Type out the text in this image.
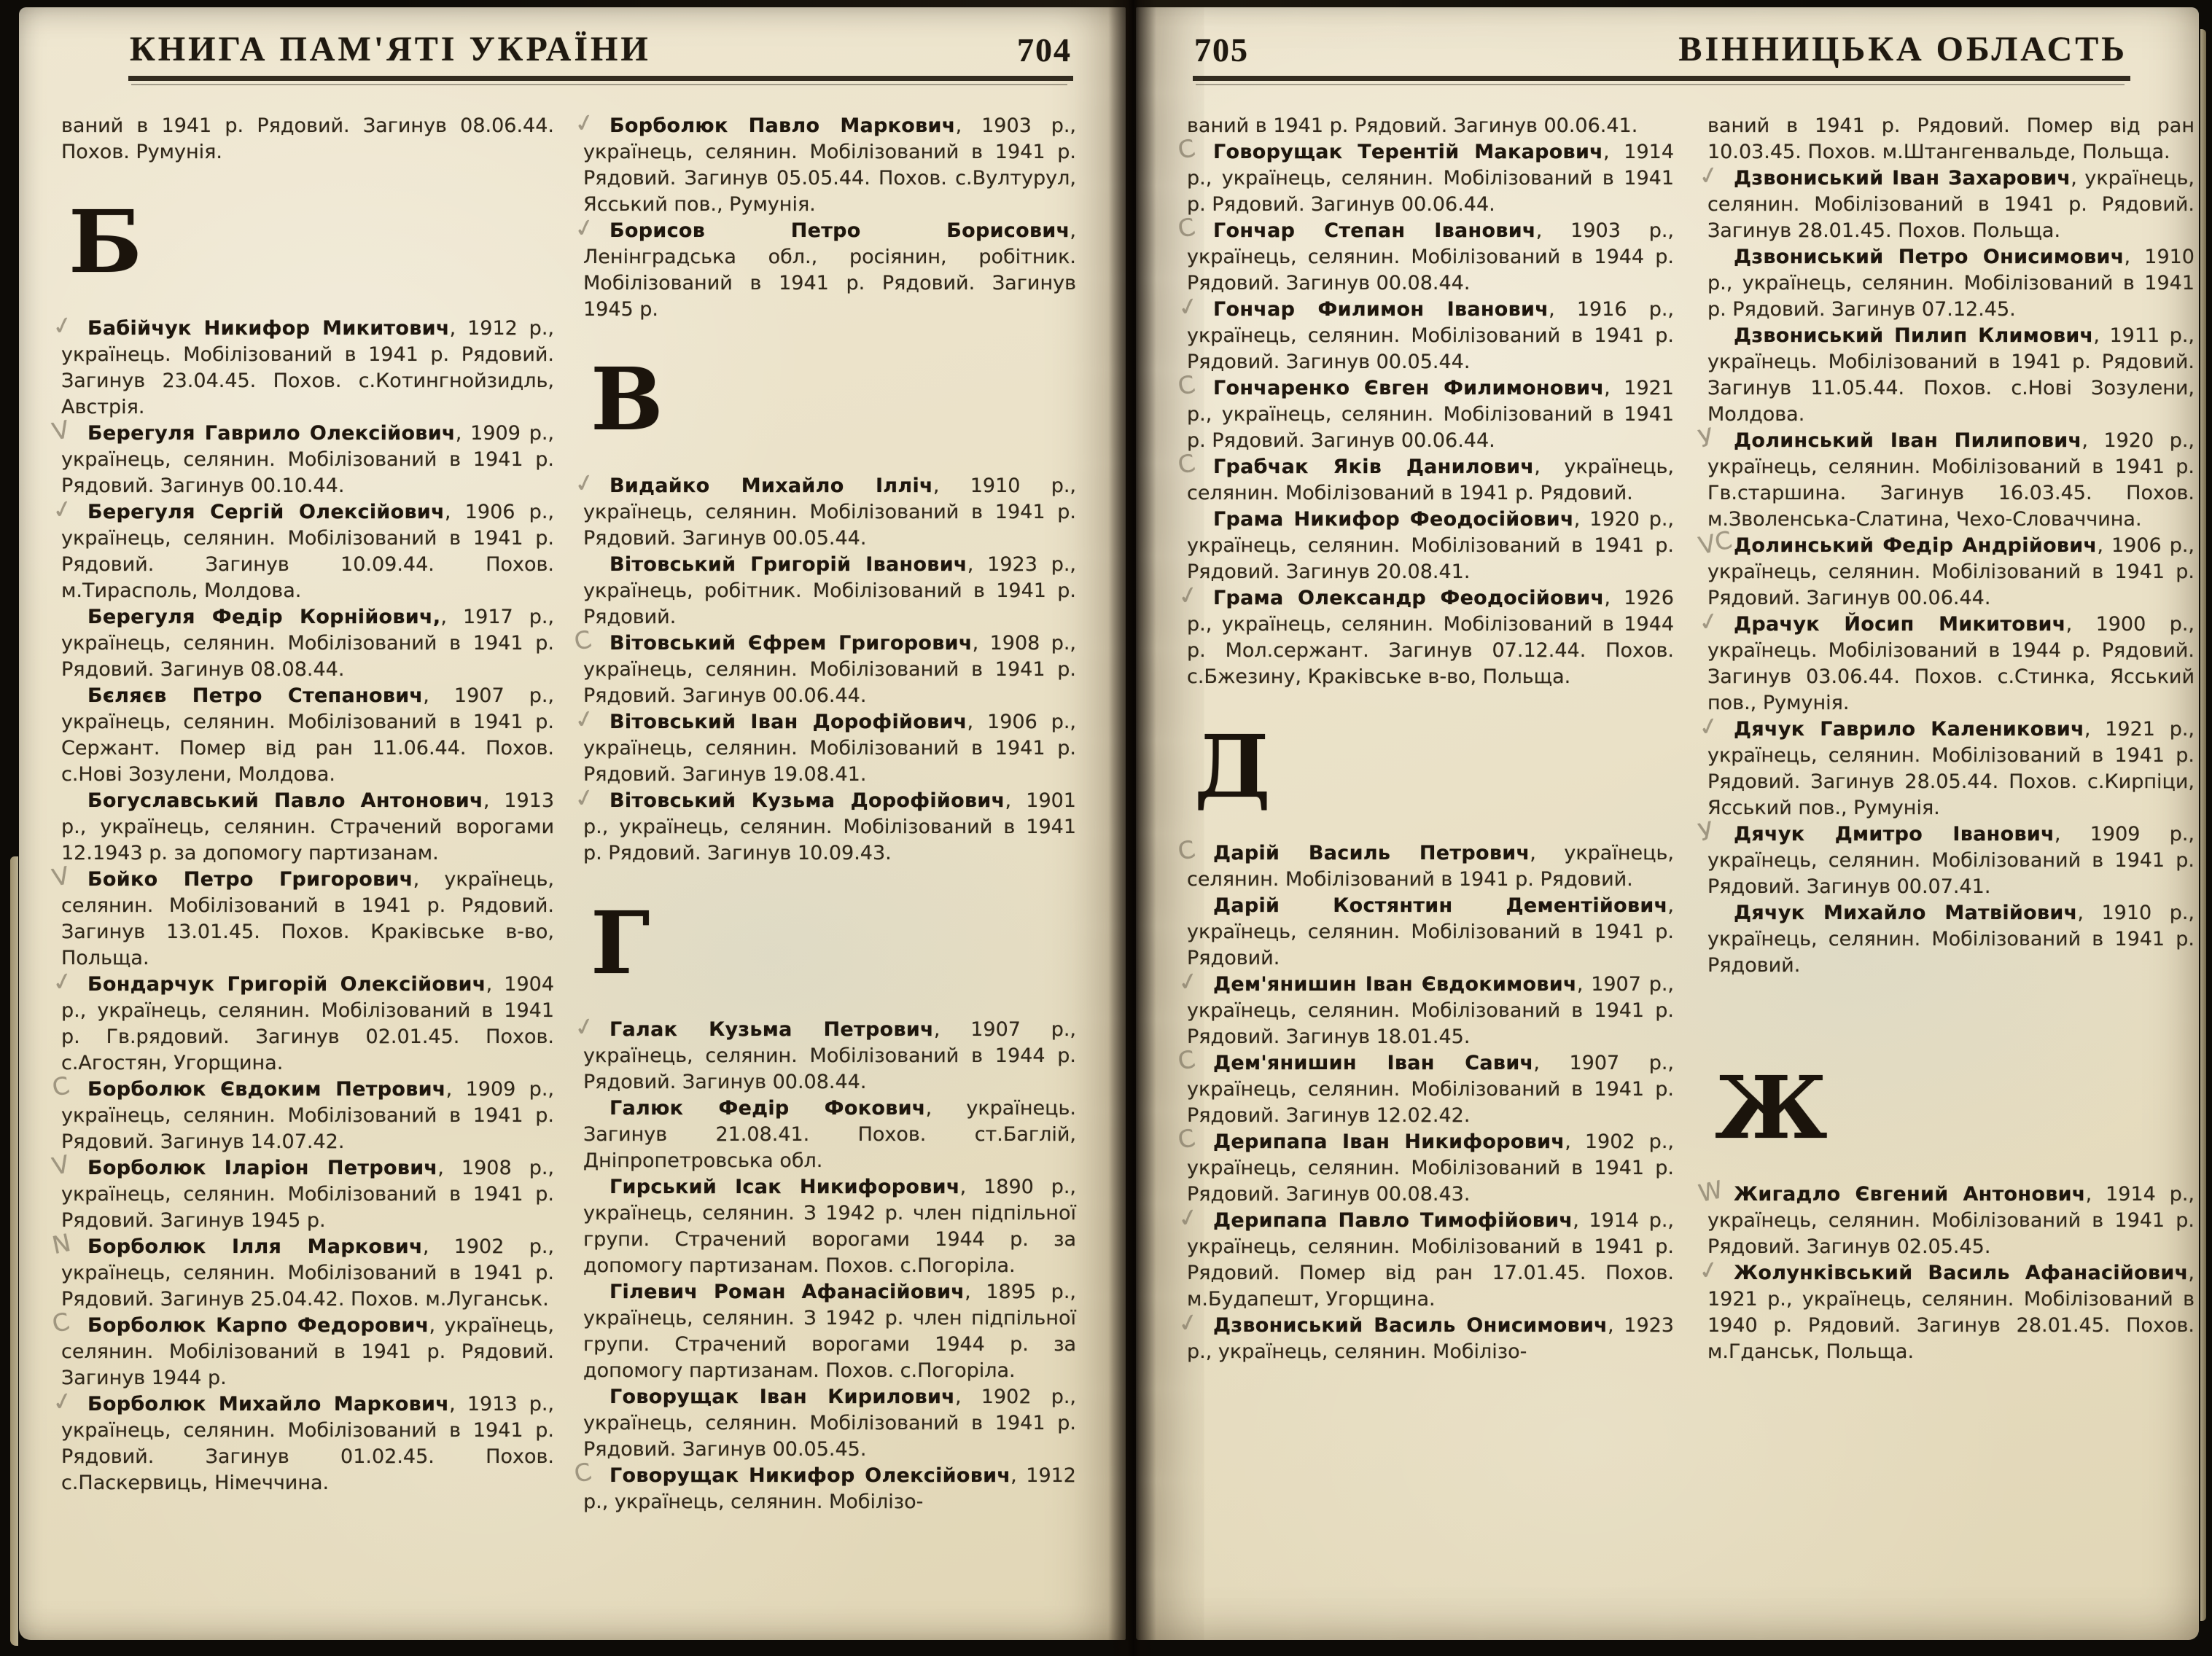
КНИГА ПАМ'ЯТІ УКРАЇНИ	704

ваний в 1941 р. Рядовий. Загинув 08.06.44. Похов. Румунія.

Б

✓ Бабійчук Никифор Микитович, 1912 р., українець. Мобілізований в 1941 р. Рядовий. Загинув 23.04.45. Похов. с.Котингнойзидль, Австрія.

V Берегуля Гаврило Олексійович, 1909 р., українець, селянин. Мобілізований в 1941 р. Рядовий. Загинув 00.10.44.

✓ Берегуля Сергій Олексійович, 1906 р., українець, селянин. Мобілізований в 1941 р. Рядовий. Загинув 10.09.44. Похов. м.Тирасполь, Молдова.

Берегуля Федір Корнійович,, 1917 р., українець, селянин. Мобілізований в 1941 р. Рядовий. Загинув 08.08.44.

Бєляєв Петро Степанович, 1907 р., українець, селянин. Мобілізований в 1941 р. Сержант. Помер від ран 11.06.44. Похов. с.Нові Зозулени, Молдова.

Богуславський Павло Антонович, 1913 р., українець, селянин. Страчений ворогами 12.1943 р. за допомогу партизанам.

V Бойко Петро Григорович, українець, селянин. Мобілізований в 1941 р. Рядовий. Загинув 13.01.45. Похов. Краківське в-во, Польща.

✓ Бондарчук Григорій Олексійович, 1904 р., українець, селянин. Мобілізований в 1941 р. Гв.рядовий. Загинув 02.01.45. Похов. с.Агостян, Угорщина.

С Борболюк Євдоким Петрович, 1909 р., українець, селянин. Мобілізований в 1941 р. Рядовий. Загинув 14.07.42.

V Борболюк Іларіон Петрович, 1908 р., українець, селянин. Мобілізований в 1941 р. Рядовий. Загинув 1945 р.

N Борболюк Ілля Маркович, 1902 р., українець, селянин. Мобілізований в 1941 р. Рядовий. Загинув 25.04.42. Похов. м.Луганськ.

С Борболюк Карпо Федорович, українець, селянин. Мобілізований в 1941 р. Рядовий. Загинув 1944 р.

✓ Борболюк Михайло Маркович, 1913 р., українець, селянин. Мобілізований в 1941 р. Рядовий. Загинув 01.02.45. Похов. с.Паскервиць, Німеччина.

✓ Борболюк Павло Маркович, 1903 р., українець, селянин. Мобілізований в 1941 р. Рядовий. Загинув 05.05.44. Похов. с.Вултурул, Ясський пов., Румунія.

✓ Борисов Петро Борисович, Ленінградська обл., росіянин, робітник. Мобілізований в 1941 р. Рядовий. Загинув 1945 р.

В

✓ Видайко Михайло Ілліч, 1910 р., українець, селянин. Мобілізований в 1941 р. Рядовий. Загинув 00.05.44.

Вітовський Григорій Іванович, 1923 р., українець, робітник. Мобілізований в 1941 р. Рядовий.

С Вітовський Єфрем Григорович, 1908 р., українець, селянин. Мобілізований в 1941 р. Рядовий. Загинув 00.06.44.

✓ Вітовський Іван Дорофійович, 1906 р., українець, селянин. Мобілізований в 1941 р. Рядовий. Загинув 19.08.41.

✓ Вітовський Кузьма Дорофійович, 1901 р., українець, селянин. Мобілізований в 1941 р. Рядовий. Загинув 10.09.43.

Г

✓ Галак Кузьма Петрович, 1907 р., українець, селянин. Мобілізований в 1944 р. Рядовий. Загинув 00.08.44.

Галюк Федір Фокович, українець. Загинув 21.08.41. Похов. ст.Баглій, Дніпропетровська обл.

Гирський Ісак Никифорович, 1890 р., українець, селянин. З 1942 р. член підпільної групи. Страчений ворогами 1944 р. за допомогу партизанам. Похов. с.Погоріла.

Гілевич Роман Афанасійович, 1895 р., українець, селянин. З 1942 р. член підпільної групи. Страчений ворогами 1944 р. за допомогу партизанам. Похов. с.Погоріла.

Говорущак Іван Кирилович, 1902 р., українець, селянин. Мобілізований в 1941 р. Рядовий. Загинув 00.05.45.

С Говорущак Никифор Олексійович, 1912 р., українець, селянин. Мобілізо-

705	ВІННИЦЬКА ОБЛАСТЬ

ваний в 1941 р. Рядовий. Загинув 00.06.41.

С Говорущак Терентій Макарович, 1914 р., українець, селянин. Мобілізований в 1941 р. Рядовий. Загинув 00.06.44.

С Гончар Степан Іванович, 1903 р., українець, селянин. Мобілізований в 1944 р. Рядовий. Загинув 00.08.44.

✓ Гончар Филимон Іванович, 1916 р., українець, селянин. Мобілізований в 1941 р. Рядовий. Загинув 00.05.44.

С Гончаренко Євген Филимонович, 1921 р., українець, селянин. Мобілізований в 1941 р. Рядовий. Загинув 00.06.44.

С Грабчак Яків Данилович, українець, селянин. Мобілізований в 1941 р. Рядовий.

Грама Никифор Феодосійович, 1920 р., українець, селянин. Мобілізований в 1941 р. Рядовий. Загинув 20.08.41.

✓ Грама Олександр Феодосійович, 1926 р., українець, селянин. Мобілізований в 1944 р. Мол.сержант. Загинув 07.12.44. Похов. с.Бжезину, Краківське в-во, Польща.

Д

С Дарій Василь Петрович, українець, селянин. Мобілізований в 1941 р. Рядовий.

Дарій Костянтин Дементійович, українець, селянин. Мобілізований в 1941 р. Рядовий.

✓ Дем'янишин Іван Євдокимович, 1907 р., українець, селянин. Мобілізований в 1941 р. Рядовий. Загинув 18.01.45.

С Дем'янишин Іван Савич, 1907 р., українець, селянин. Мобілізований в 1941 р. Рядовий. Загинув 12.02.42.

С Дерипапа Іван Никифорович, 1902 р., українець, селянин. Мобілізований в 1941 р. Рядовий. Загинув 00.08.43.

✓ Дерипапа Павло Тимофійович, 1914 р., українець, селянин. Мобілізований в 1941 р. Рядовий. Помер від ран 17.01.45. Похов. м.Будапешт, Угорщина.

✓ Дзвониський Василь Онисимович, 1923 р., українець, селянин. Мобілізо-

ваний в 1941 р. Рядовий. Помер від ран 10.03.45. Похов. м.Штангенвальде, Польща.

✓ Дзвониський Іван Захарович, українець, селянин. Мобілізований в 1941 р. Рядовий. Загинув 28.01.45. Похов. Польща.

Дзвониський Петро Онисимович, 1910 р., українець, селянин. Мобілізований в 1941 р. Рядовий. Загинув 07.12.45.

Дзвониський Пилип Климович, 1911 р., українець. Мобілізований в 1941 р. Рядовий. Загинув 11.05.44. Похов. с.Нові Зозулени, Молдова.

У Долинський Іван Пилипович, 1920 р., українець, селянин. Мобілізований в 1941 р. Гв.старшина. Загинув 16.03.45. Похов. м.Зволенська-Слатина, Чехо-Словаччина.

VC
Долинський Федір Андрійович, 1906 р., українець, селянин. Мобілізований в 1941 р. Рядовий. Загинув 00.06.44.

✓ Драчук Йосип Микитович, 1900 р., українець. Мобілізований в 1944 р. Рядовий. Загинув 03.06.44. Похов. с.Стинка, Ясський пов., Румунія.

✓ Дячук Гаврило Каленикович, 1921 р., українець, селянин. Мобілізований в 1941 р. Рядовий. Загинув 28.05.44. Похов. с.Кирпіци, Ясський пов., Румунія.

У Дячук Дмитро Іванович, 1909 р., українець, селянин. Мобілізований в 1941 р. Рядовий. Загинув 00.07.41.

Дячук Михайло Матвійович, 1910 р., українець, селянин. Мобілізований в 1941 р. Рядовий.

Ж

W Жигадло Євгений Антонович, 1914 р., українець, селянин. Мобілізований в 1941 р. Рядовий. Загинув 02.05.45.

✓ Жолунківський Василь Афанасійович, 1921 р., українець, селянин. Мобілізований в 1940 р. Рядовий. Загинув 28.01.45. Похов. м.Гданськ, Польща.
